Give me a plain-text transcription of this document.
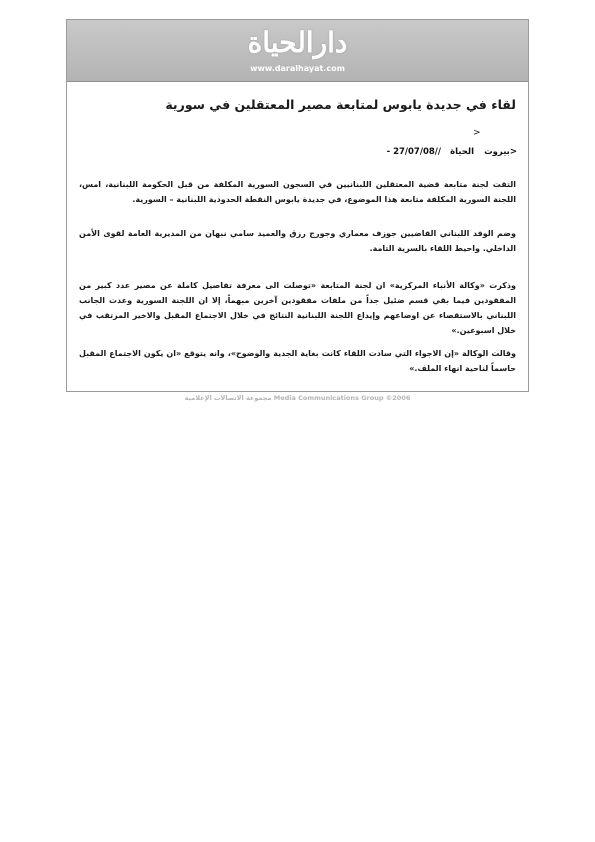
دارالحياة
www.daralhayat.com
لقاء في جديدة يابوس لمتابعة مصير المعتقلين في سورية
>
<بيروت
الحياة
- 27/07/08//

التقت لجنة متابعة قضية المعتقلين اللبنانيين في السجون السورية المكلفة من قبل الحكومة اللبنانية، امس، اللجنة السورية المكلفة متابعة هذا الموضوع، في جديدة يابوس النقطة الحدودية اللبنانية – السورية.

وضم الوفد اللبناني القاضيين جوزف معماري وجورج رزق والعميد سامي نبهان من المديرية العامة لقوى الأمن الداخلي. واحيط اللقاء بالسرية التامة.

وذكرت «وكالة الأنباء المركزية» ان لجنة المتابعة «توصلت الى معرفة تفاصيل كاملة عن مصير عدد كبير من المفقودين فيما بقي قسم ضئيل جداً من ملفات مفقودين آخرين مبهماً، إلا ان اللجنة السورية وعدت الجانب اللبناني بالاستقصاء عن اوضاعهم وإيداع اللجنة اللبنانية النتائج في خلال الاجتماع المقبل والاخير المرتقب في خلال اسبوعين.»

وقالت الوكالة «إن الاجواء التي سادت اللقاء كانت بغاية الجدية والوضوح»، وانه يتوقع «ان يكون الاجتماع المقبل حاسماً لناحية انهاء الملف.»

مجموعة الاتصالات الإعلامية Media Communications Group ©2006
